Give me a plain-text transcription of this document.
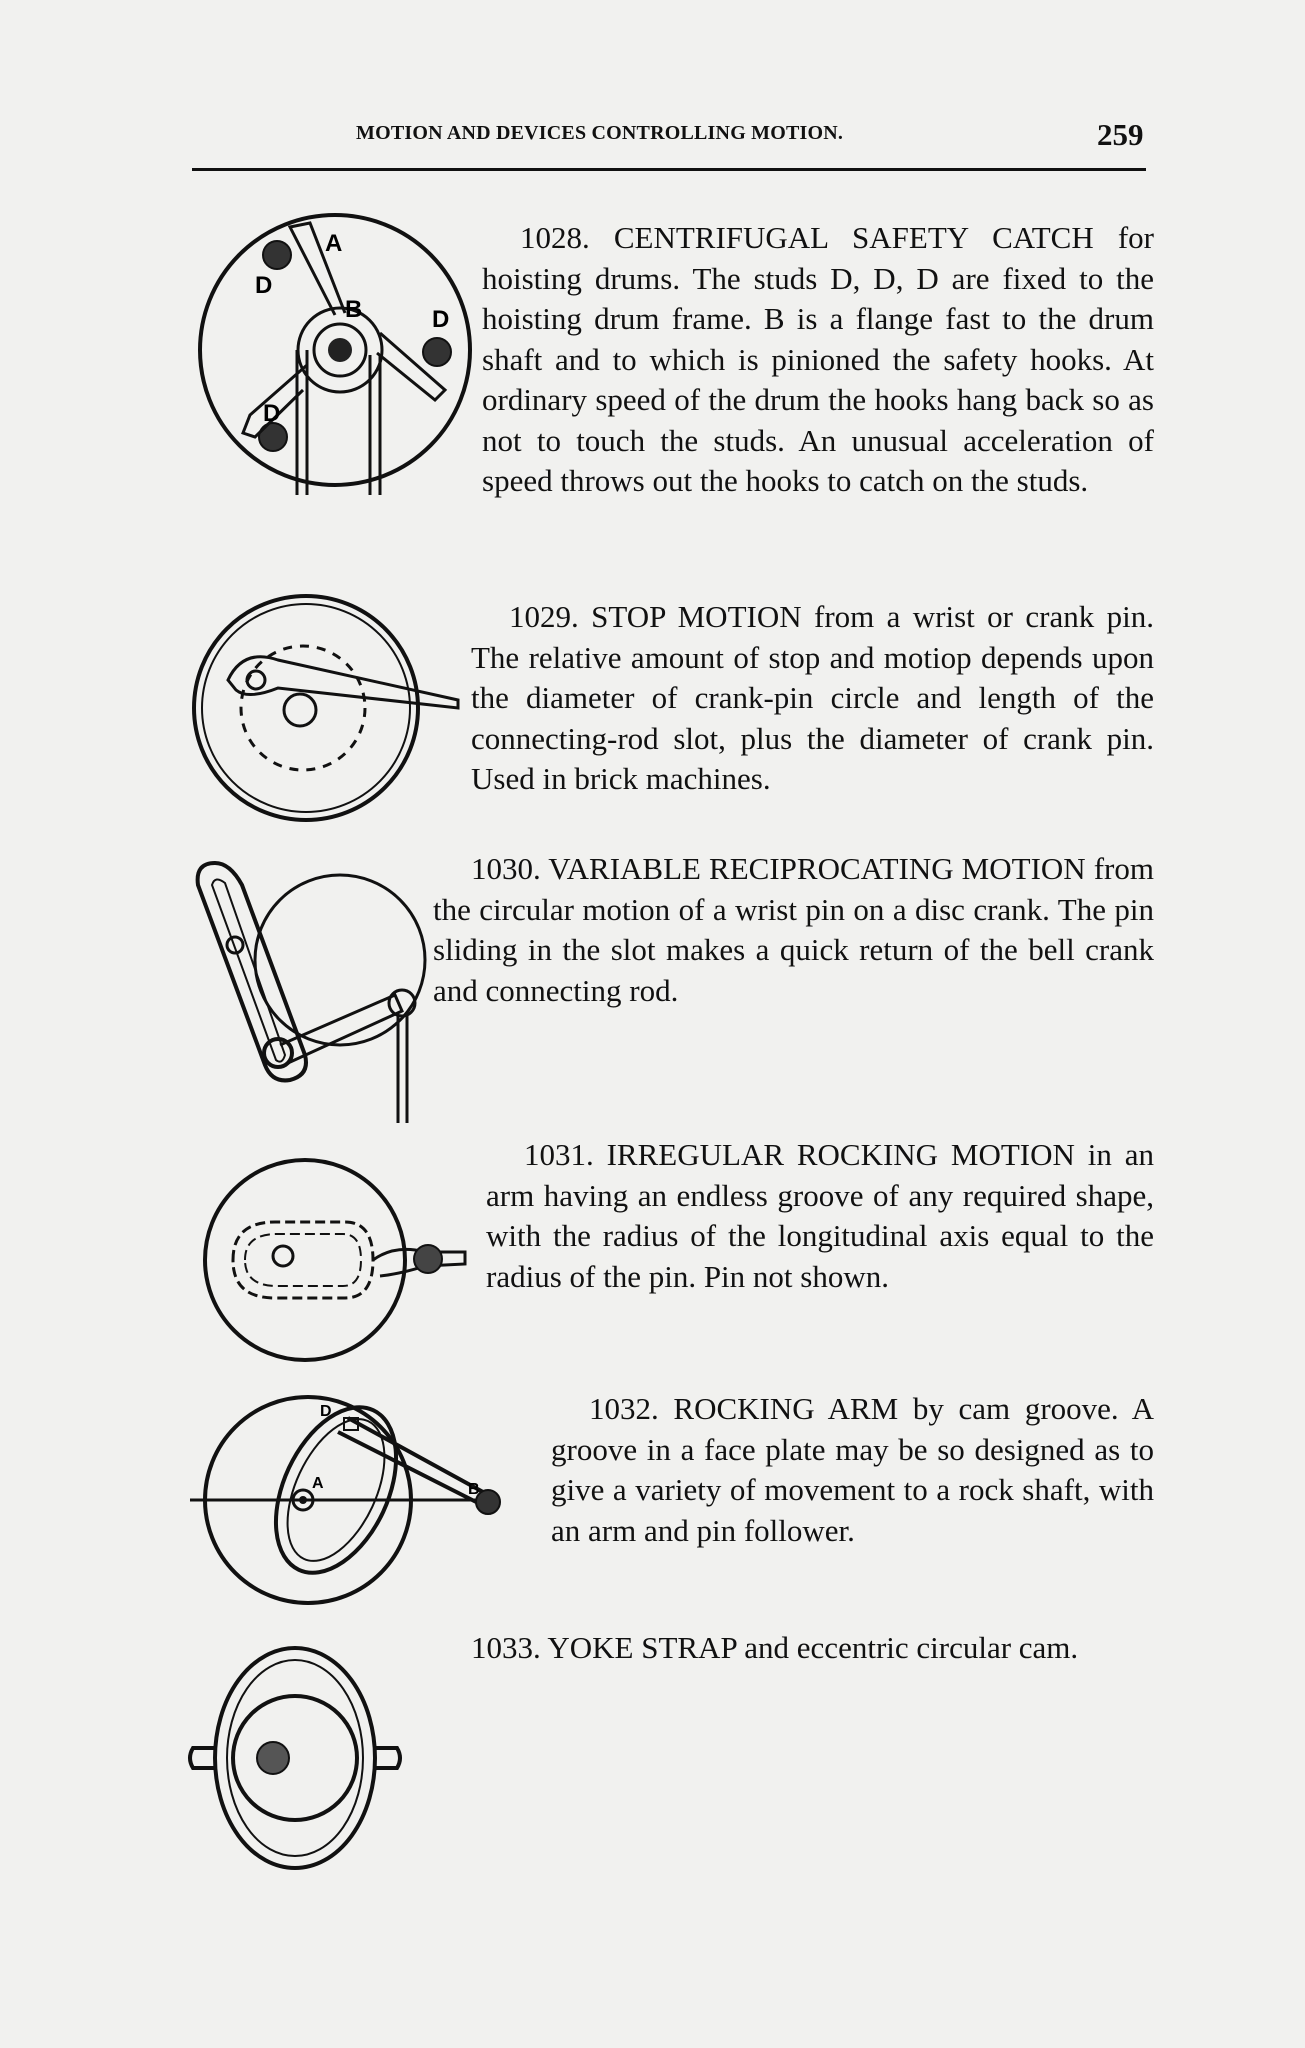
MOTION AND DEVICES CONTROLLING MOTION.	259
A
B
D
D
D
1028. CENTRIFUGAL SAFETY CATCH for hoisting drums. The studs D, D, D are fixed to the hoisting drum frame. B is a flange fast to the drum shaft and to which is pinioned the safety hooks. At ordinary speed of the drum the hooks hang back so as not to touch the studs. An unusual acceleration of speed throws out the hooks to catch on the studs.
1029. STOP MOTION from a wrist or crank pin. The relative amount of stop and motiop depends upon the diameter of crank-pin circle and length of the connecting-rod slot, plus the diameter of crank pin. Used in brick machines.
1030. VARIABLE RECIPROCATING MOTION from the circular motion of a wrist pin on a disc crank. The pin sliding in the slot makes a quick return of the bell crank and connecting rod.
1031. IRREGULAR ROCKING MOTION in an arm having an endless groove of any required shape, with the radius of the longitudinal axis equal to the radius of the pin. Pin not shown.
A	B
D	1032. ROCKING ARM by cam groove. A groove in a face plate may be so designed as to give a variety of movement to a rock shaft, with an arm and pin follower.
1033. YOKE STRAP and eccentric circular cam.
